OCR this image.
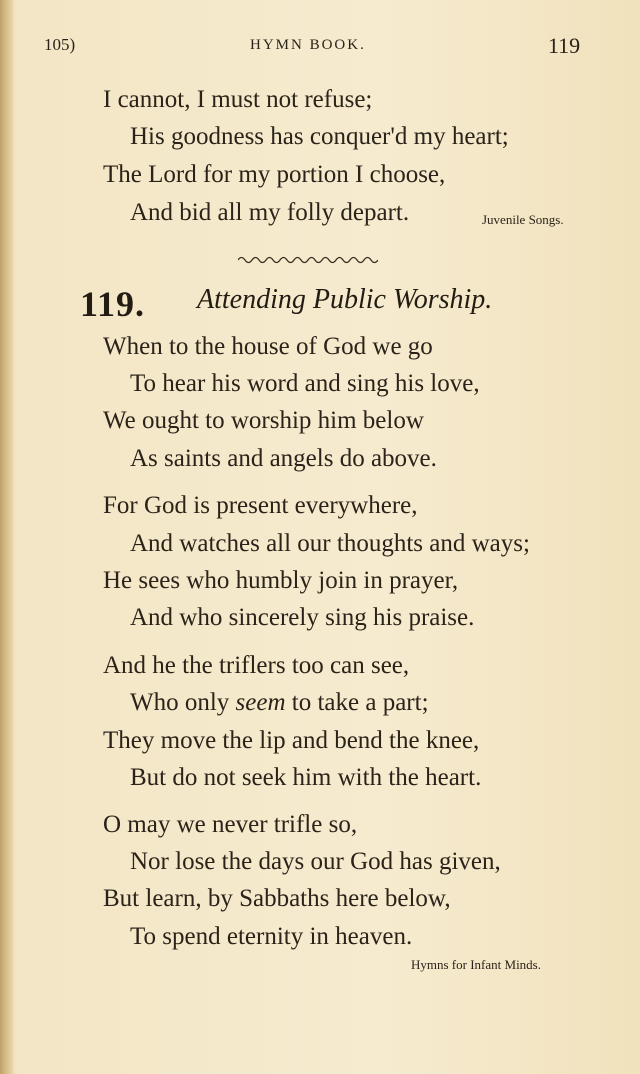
105)	HYMN BOOK.	119
I cannot, I must not refuse;
His goodness has conquer'd my heart;
The Lord for my portion I choose,
And bid all my folly depart.	Juvenile Songs.
119. Attending Public Worship.
When to the house of God we go
To hear his word and sing his love,
We ought to worship him below
As saints and angels do above.
For God is present everywhere,
And watches all our thoughts and ways;
He sees who humbly join in prayer,
And who sincerely sing his praise.
And he the triflers too can see,
Who only seem to take a part;
They move the lip and bend the knee,
But do not seek him with the heart.
O may we never trifle so,
Nor lose the days our God has given,
But learn, by Sabbaths here below,
To spend eternity in heaven.
Hymns for Infant Minds.
